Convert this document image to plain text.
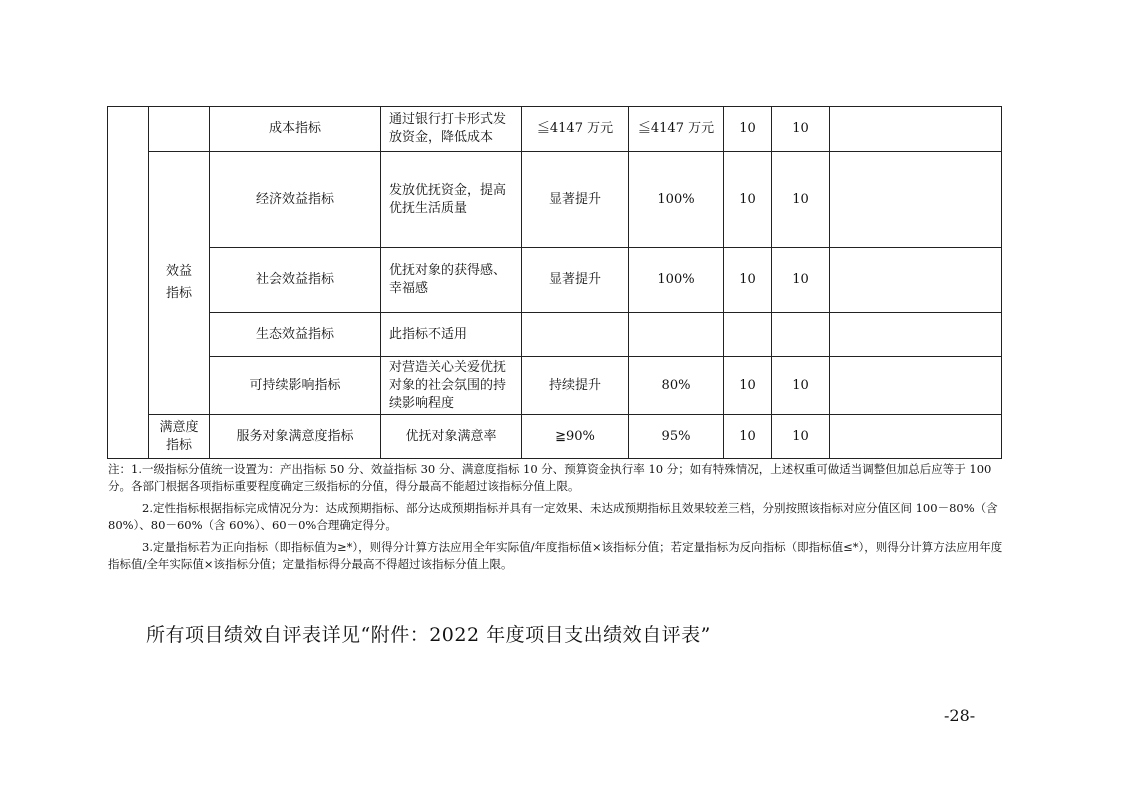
		成本指标	通过银行打卡形式发放资金，降低成本	≦4147 万元	≦4147 万元	10	10	
	效益指标	经济效益指标	发放优抚资金，提高优抚生活质量	显著提升	100%	10	10	
		社会效益指标	优抚对象的获得感、幸福感	显著提升	100%	10	10	
		生态效益指标	此指标不适用					
		可持续影响指标	对营造关心关爱优抚对象的社会氛围的持续影响程度	持续提升	80%	10	10	
	满意度指标	服务对象满意度指标	优抚对象满意率	≧90%	95%	10	10	

注：1.一级指标分值统一设置为：产出指标 50 分、效益指标 30 分、满意度指标 10 分、预算资金执行率 10 分；如有特殊情况，上述权重可做适当调整但加总后应等于 100 分。各部门根据各项指标重要程度确定三级指标的分值，得分最高不能超过该指标分值上限。

2.定性指标根据指标完成情况分为：达成预期指标、部分达成预期指标并具有一定效果、未达成预期指标且效果较差三档，分别按照该指标对应分值区间 100－80%（含 80%）、80－60%（含 60%）、60－0%合理确定得分。

3.定量指标若为正向指标（即指标值为≥*），则得分计算方法应用全年实际值/年度指标值×该指标分值；若定量指标为反向指标（即指标值≤*），则得分计算方法应用年度指标值/全年实际值×该指标分值；定量指标得分最高不得超过该指标分值上限。

所有项目绩效自评表详见“附件：2022 年度项目支出绩效自评表”
-28-
